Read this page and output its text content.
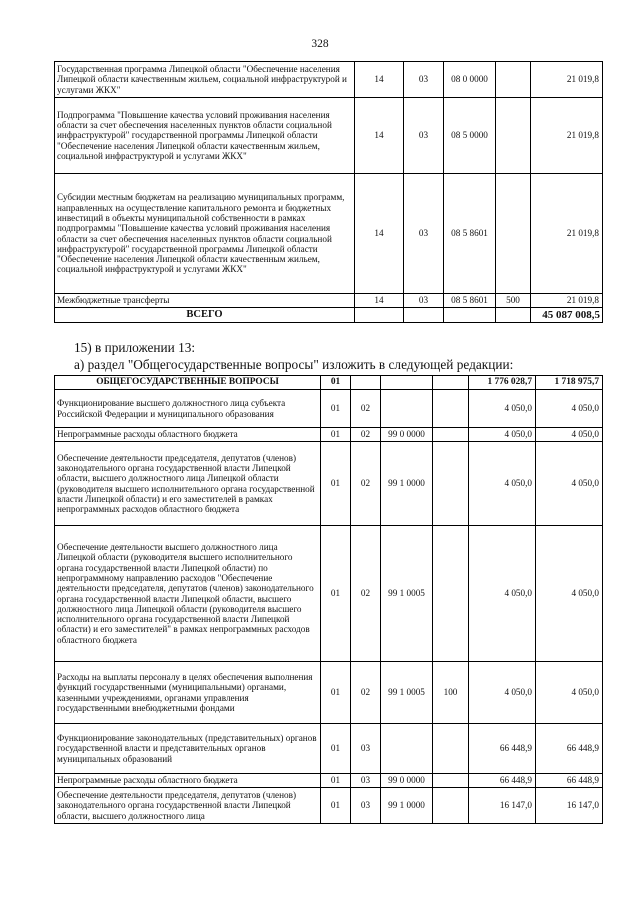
328
Государственная программа Липецкой области "Обеспечение населения Липецкой области качественным жильем, социальной инфраструктурой и услугами ЖКХ"	14	03	08 0 0000		21 019,8
Подпрограмма "Повышение качества условий проживания населения области за счет обеспечения населенных пунктов области социальной инфраструктурой" государственной программы Липецкой области "Обеспечение населения Липецкой области качественным жильем, социальной инфраструктурой и услугами ЖКХ"	14	03	08 5 0000		21 019,8
Субсидии местным бюджетам на реализацию муниципальных программ, направленных на осуществление капитального ремонта и бюджетных инвестиций в объекты муниципальной собственности в рамках подпрограммы "Повышение качества условий проживания населения области за счет обеспечения населенных пунктов области социальной инфраструктурой" государственной программы Липецкой области "Обеспечение населения Липецкой области качественным жильем, социальной инфраструктурой и услугами ЖКХ"	14	03	08 5 8601		21 019,8
Межбюджетные трансферты	14	03	08 5 8601	500	21 019,8
ВСЕГО					45 087 008,5
15) в приложении 13:
а) раздел "Общегосударственные вопросы" изложить в следующей редакции:
ОБЩЕГОСУДАРСТВЕННЫЕ ВОПРОСЫ	01				1 776 028,7	1 718 975,7
Функционирование высшего должностного лица субъекта Российской Федерации и муниципального образования	01	02			4 050,0	4 050,0
Непрограммные расходы областного бюджета	01	02	99 0 0000		4 050,0	4 050,0
Обеспечение деятельности председателя, депутатов (членов) законодательного органа государственной власти Липецкой области, высшего должностного лица Липецкой области (руководителя высшего исполнительного органа государственной власти Липецкой области) и его заместителей в рамках непрограммных расходов областного бюджета	01	02	99 1 0000		4 050,0	4 050,0
Обеспечение деятельности высшего должностного лица Липецкой области (руководителя высшего исполнительного органа государственной власти Липецкой области) по непрограммному направлению расходов "Обеспечение деятельности председателя, депутатов (членов) законодательного органа государственной власти Липецкой области, высшего должностного лица Липецкой области (руководителя высшего исполнительного органа государственной власти Липецкой области) и его заместителей" в рамках непрограммных расходов областного бюджета	01	02	99 1 0005		4 050,0	4 050,0
Расходы на выплаты персоналу в целях обеспечения выполнения функций государственными (муниципальными) органами, казенными учреждениями, органами управления государственными внебюджетными фондами	01	02	99 1 0005	100	4 050,0	4 050,0
Функционирование законодательных (представительных) органов государственной власти и представительных органов муниципальных образований	01	03			66 448,9	66 448,9
Непрограммные расходы областного бюджета	01	03	99 0 0000		66 448,9	66 448,9
Обеспечение деятельности председателя, депутатов (членов) законодательного органа государственной власти Липецкой области, высшего должностного лица	01	03	99 1 0000		16 147,0	16 147,0
